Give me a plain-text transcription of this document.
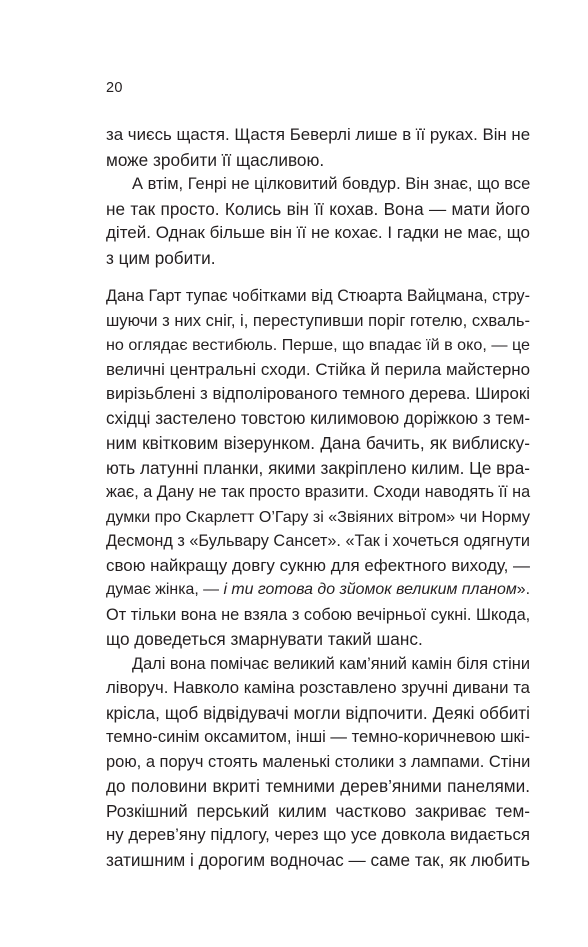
20
за чиєсь щастя. Щастя Беверлі лише в її руках. Він не
може зробити її щасливою.
А втім, Генрі не цілковитий бовдур. Він знає, що все
не так просто. Колись він її кохав. Вона — мати його
дітей. Однак більше він її не кохає. І гадки не має, що
з цим робити.
Дана Гарт тупає чобітками від Стюарта Вайцмана, стру-
шуючи з них сніг, і, переступивши поріг готелю, схваль-
но оглядає вестибюль. Перше, що впадає їй в око, — це
величні центральні сходи. Стійка й перила майстерно
вирізьблені з відполірованого темного дерева. Широкі
східці застелено товстою килимовою доріжкою з тем-
ним квітковим візерунком. Дана бачить, як виблиску-
ють латунні планки, якими закріплено килим. Це вра-
жає, а Дану не так просто вразити. Сходи наводять її на
думки про Скарлетт О’Гару зі «Звіяних вітром» чи Норму
Десмонд з «Бульвару Сансет». «Так і хочеться одягнути
свою найкращу довгу сукню для ефектного виходу, —
думає жінка, — і ти готова до зйомок великим планом».
От тільки вона не взяла з собою вечірньої сукні. Шкода,
що доведеться змарнувати такий шанс.
Далі вона помічає великий кам’яний камін біля стіни
ліворуч. Навколо каміна розставлено зручні дивани та
крісла, щоб відвідувачі могли відпочити. Деякі оббиті
темно-синім оксамитом, інші — темно-коричневою шкі-
рою, а поруч стоять маленькі столики з лампами. Стіни
до половини вкриті темними дерев’яними панелями.
Розкішний перський килим частково закриває тем-
ну дерев’яну підлогу, через що усе довкола видається
затишним і дорогим водночас — саме так, як любить
